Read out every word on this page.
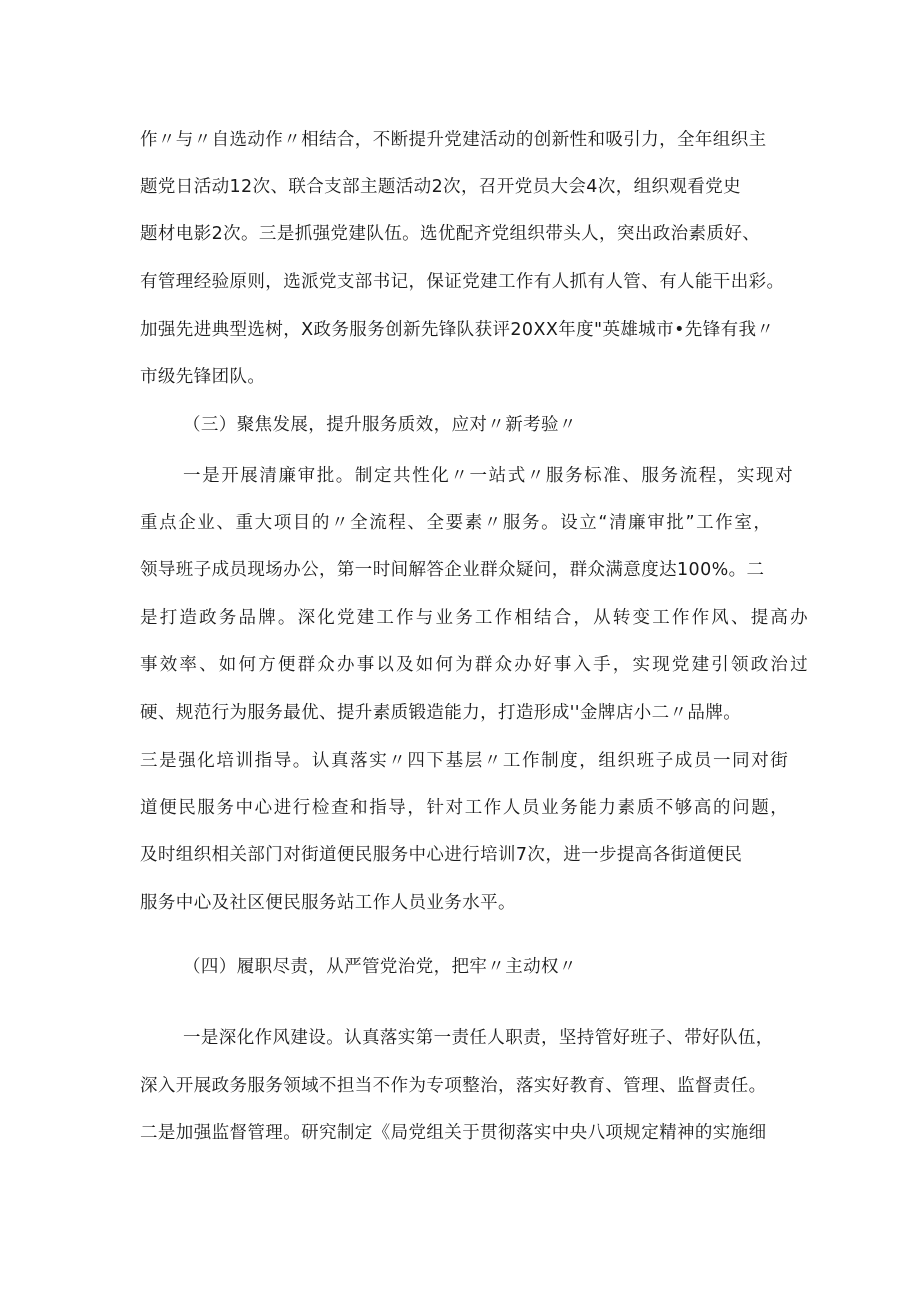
作〃与〃自选动作〃相结合，不断提升党建活动的创新性和吸引力，全年组织主
题党日活动12次、联合支部主题活动2次，召开党员大会4次，组织观看党史
题材电影2次。三是抓强党建队伍。选优配齐党组织带头人，突出政治素质好、
有管理经验原则，选派党支部书记，保证党建工作有人抓有人管、有人能干出彩。
加强先进典型选树，X政务服务创新先锋队获评20XX年度"英雄城市•先锋有我〃
市级先锋团队。
（三）聚焦发展，提升服务质效，应对〃新考验〃
一是开展清廉审批。制定共性化〃一站式〃服务标准、服务流程，实现对
重点企业、重大项目的〃全流程、全要素〃服务。设立“清廉审批”工作室，
领导班子成员现场办公，第一时间解答企业群众疑问，群众满意度达100%。二
是打造政务品牌。深化党建工作与业务工作相结合，从转变工作作风、提高办
事效率、如何方便群众办事以及如何为群众办好事入手，实现党建引领政治过
硬、规范行为服务最优、提升素质锻造能力，打造形成''金牌店小二〃品牌。
三是强化培训指导。认真落实〃四下基层〃工作制度，组织班子成员一同对街
道便民服务中心进行检查和指导，针对工作人员业务能力素质不够高的问题，
及时组织相关部门对街道便民服务中心进行培训7次，进一步提高各街道便民
服务中心及社区便民服务站工作人员业务水平。
（四）履职尽责，从严管党治党，把牢〃主动权〃
一是深化作风建设。认真落实第一责任人职责，坚持管好班子、带好队伍，
深入开展政务服务领域不担当不作为专项整治，落实好教育、管理、监督责任。
二是加强监督管理。研究制定《局党组关于贯彻落实中央八项规定精神的实施细
